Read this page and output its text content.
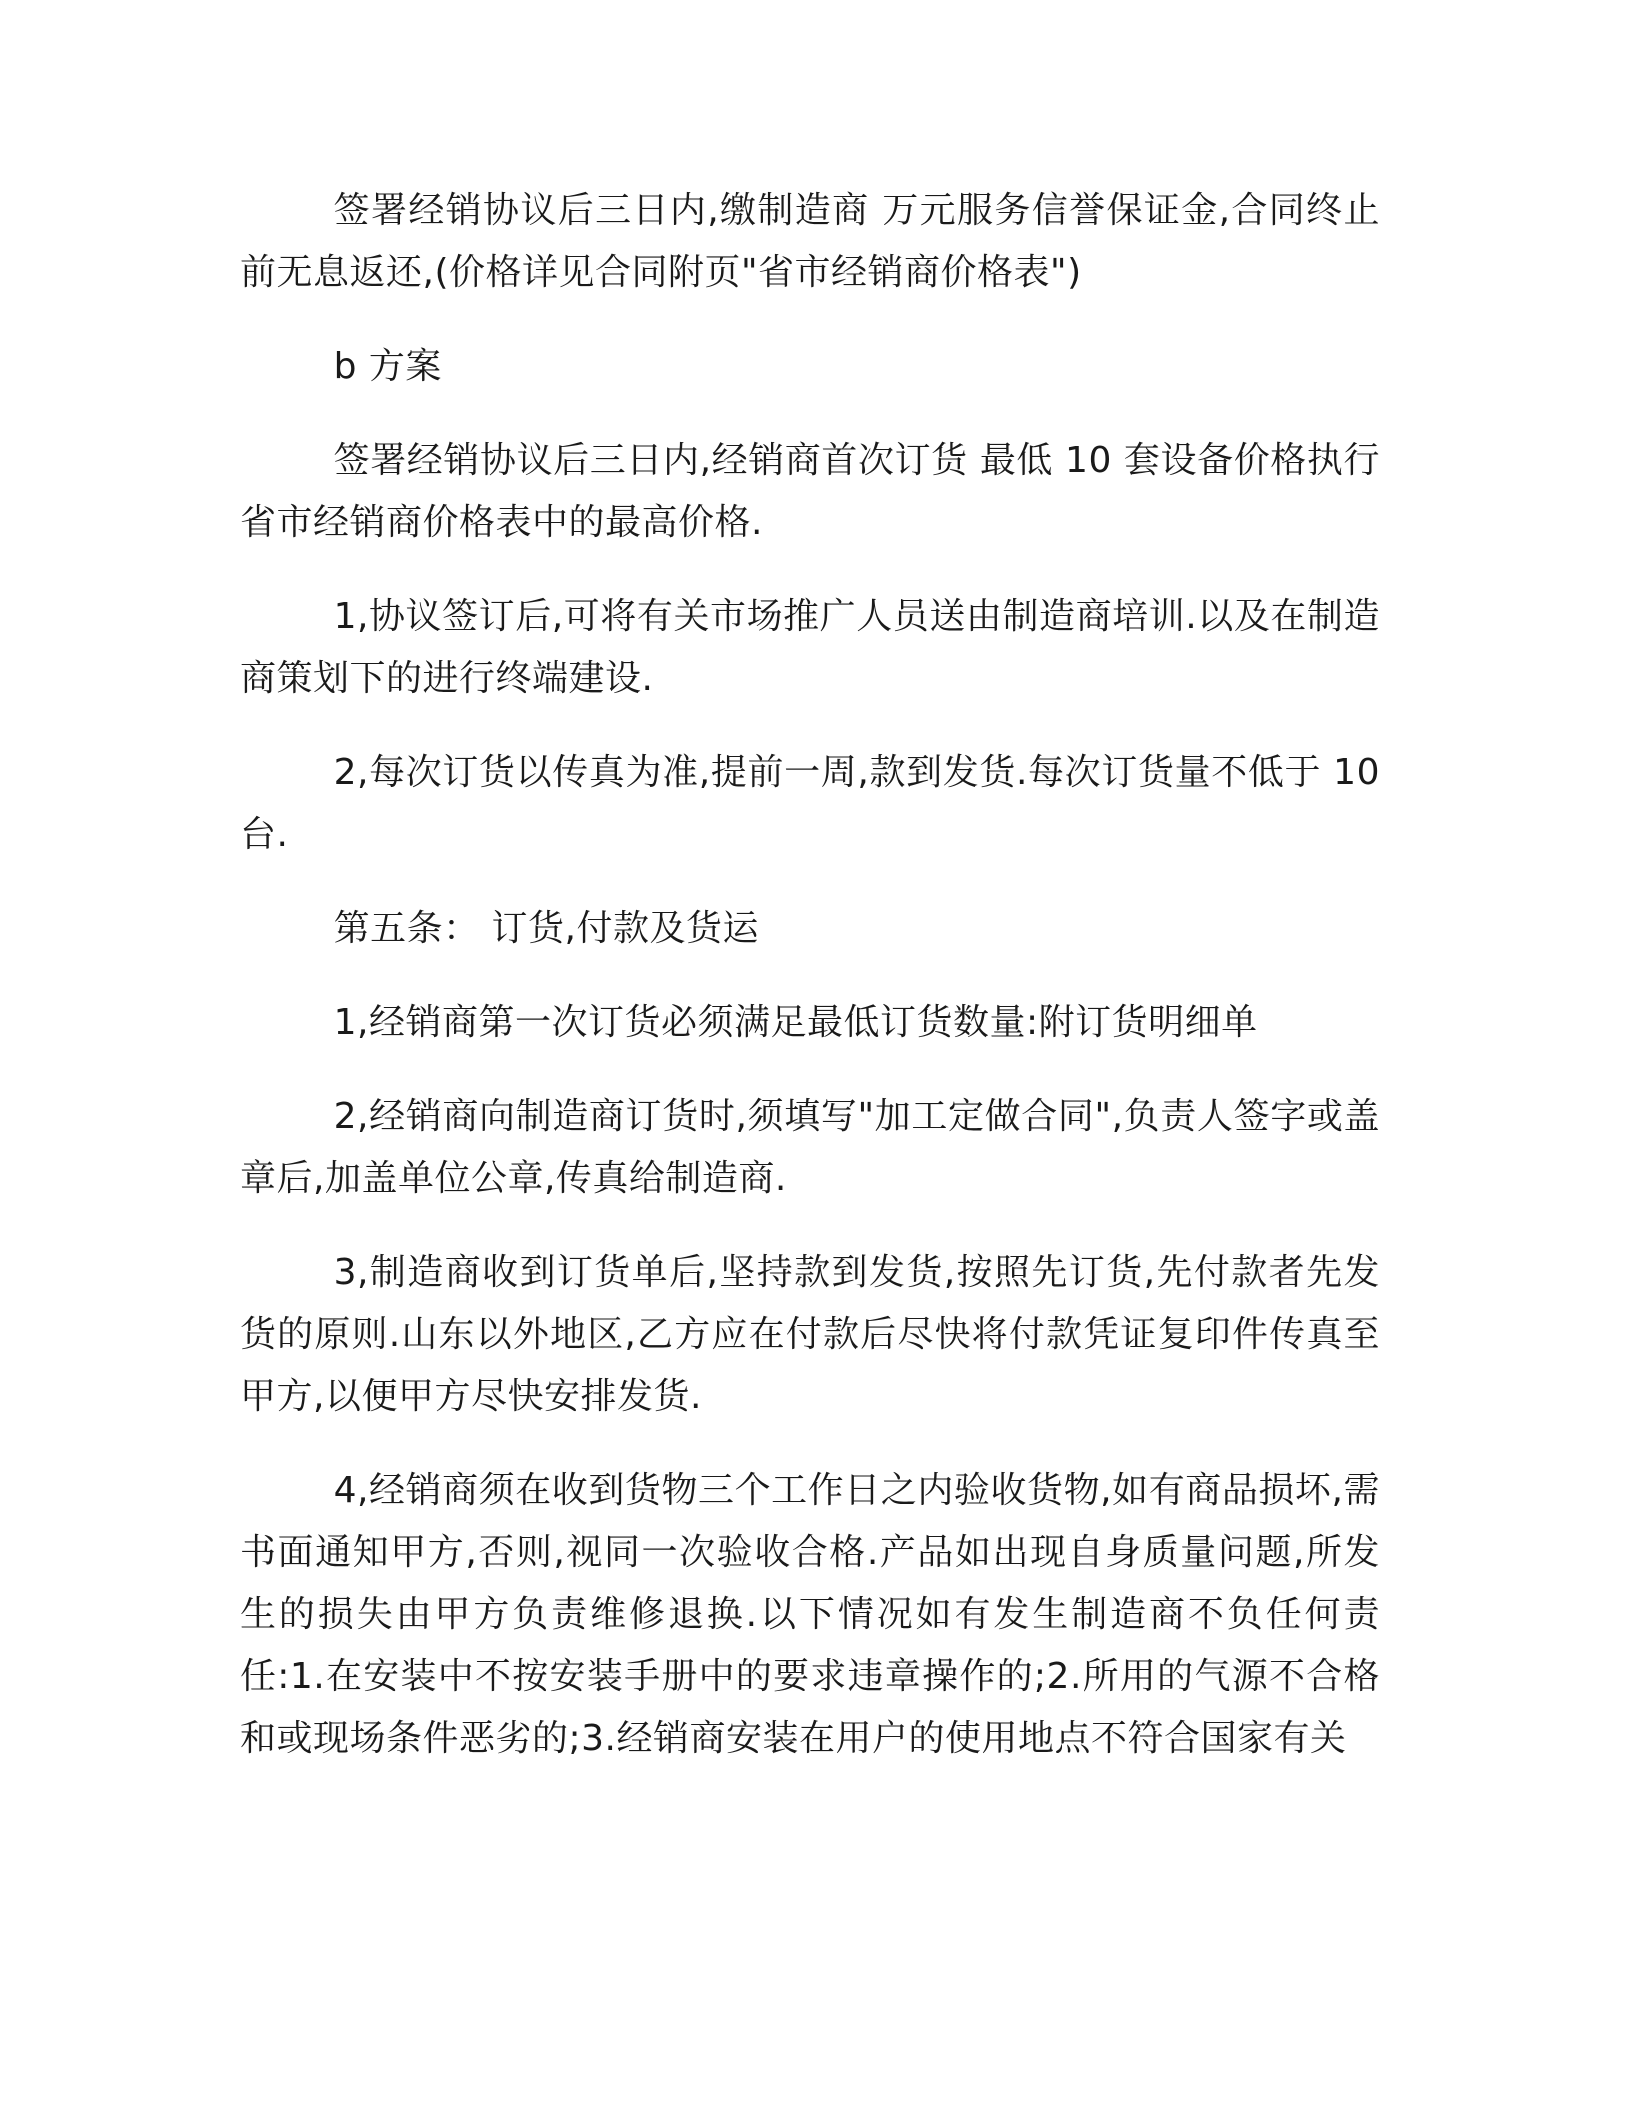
签署经销协议后三日内,缴制造商 万元服务信誉保证金,合同终止前无息返还,(价格详见合同附页"省市经销商价格表")

b 方案

签署经销协议后三日内,经销商首次订货 最低 10 套设备价格执行省市经销商价格表中的最高价格.

1,协议签订后,可将有关市场推广人员送由制造商培训.以及在制造商策划下的进行终端建设.

2,每次订货以传真为准,提前一周,款到发货.每次订货量不低于 10 台.

第五条： 订货,付款及货运

1,经销商第一次订货必须满足最低订货数量:附订货明细单

2,经销商向制造商订货时,须填写"加工定做合同",负责人签字或盖章后,加盖单位公章,传真给制造商.

3,制造商收到订货单后,坚持款到发货,按照先订货,先付款者先发货的原则.山东以外地区,乙方应在付款后尽快将付款凭证复印件传真至甲方,以便甲方尽快安排发货.

4,经销商须在收到货物三个工作日之内验收货物,如有商品损坏,需书面通知甲方,否则,视同一次验收合格.产品如出现自身质量问题,所发生的损失由甲方负责维修退换.以下情况如有发生制造商不负任何责任:1.在安装中不按安装手册中的要求违章操作的;2.所用的气源不合格和或现场条件恶劣的;3.经销商安装在用户的使用地点不符合国家有关
